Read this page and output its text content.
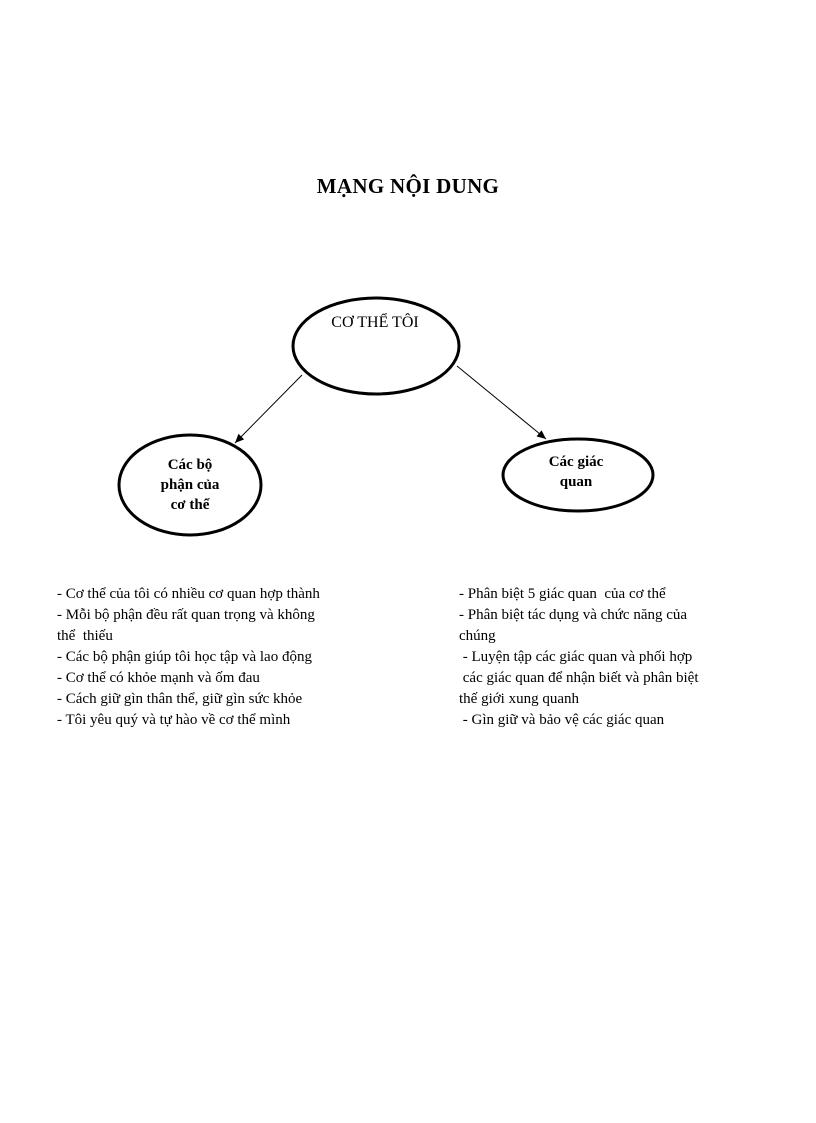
MẠNG NỘI DUNG
CƠ THỂ TÔI
Các bộ
phận của
cơ thể
Các giác
quan
- Cơ thể của tôi có nhiều cơ quan hợp thành
- Mỗi bộ phận đều rất quan trọng và không
thể  thiếu
- Các bộ phận giúp tôi học tập và lao động
- Cơ thể có khỏe mạnh và ốm đau
- Cách giữ gìn thân thể, giữ gìn sức khỏe
- Tôi yêu quý và tự hào về cơ thể mình
- Phân biệt 5 giác quan  của cơ thể
- Phân biệt tác dụng và chức năng của
chúng
- Luyện tập các giác quan và phối hợp
các giác quan để nhận biết và phân biệt
thế giới xung quanh
- Gìn giữ và bảo vệ các giác quan
